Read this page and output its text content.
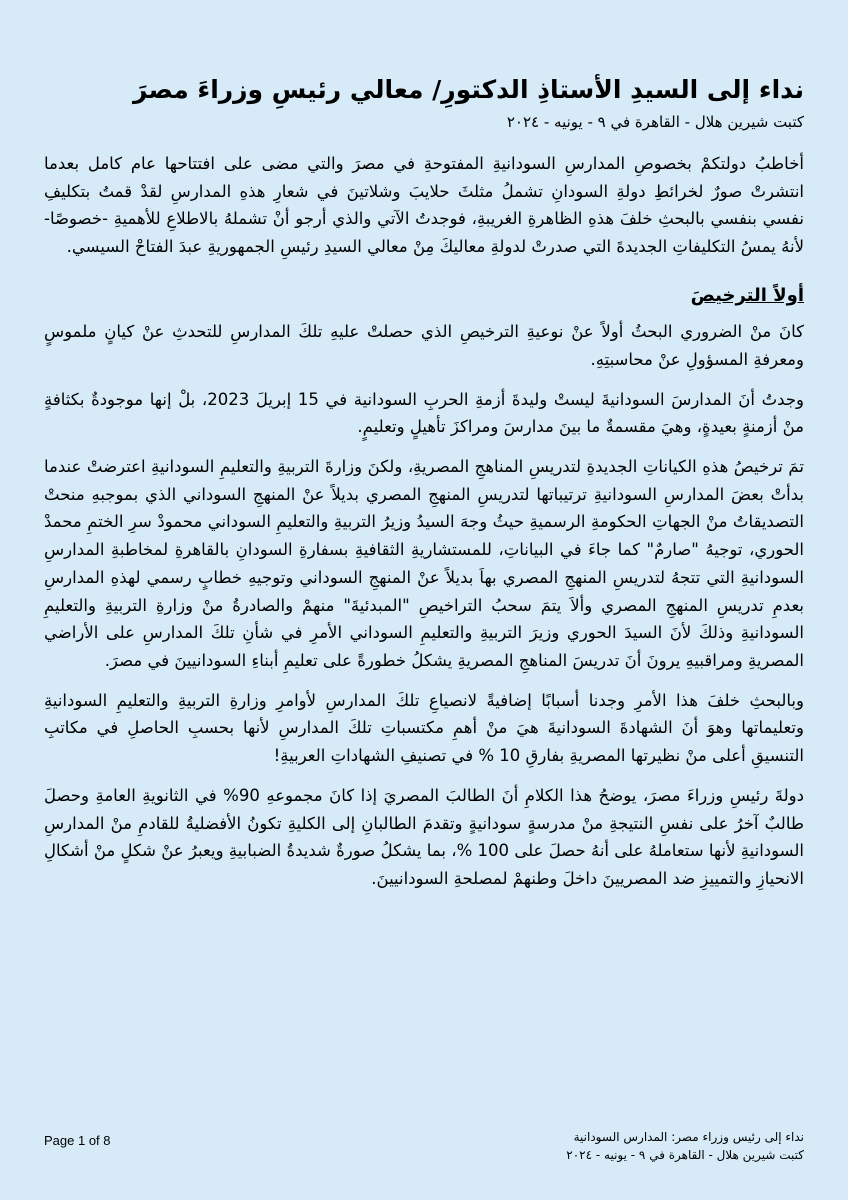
نداء إلى السيدِ الأستاذِ الدكتورِ/ معالي رئيسِ وزراءَ مصرَ

كتبت شيرين هلال - القاهرة في ٩ - يونيه - ٢٠٢٤

أخاطبُ دولتكمْ بخصوصِ المدارسِ السودانيةِ المفتوحةِ في مصرَ والتي مضى على افتتاحها عام كامل بعدما انتشرتْ صورٌ لخرائطِ دولةِ السودانِ تشملُ مثلثَ حلايبَ وشلاتينَ في شعارِ هذهِ المدارسِ لقدْ قمتُ بتكليفِ نفسي بنفسي بالبحثِ خلفَ هذهِ الظاهرةِ الغريبةِ، فوجدتُ الآتي والذي أرجو أنْ تشملهُ بالاطلاعِ للأهميةِ -خصوصًا- لأنهُ يمسُ التكليفاتِ الجديدةَ التي صدرتْ لدولةِ معاليكَ مِنْ معالي السيدِ رئيسِ الجمهوريةِ عبدَ الفتاحْ السيسي.

أولاً الترخيصَ

كانَ منْ الضروري البحثُ أولاً عنْ نوعيةِ الترخيصِ الذي حصلتْ عليهِ تلكَ المدارسِ للتحدثِ عنْ كيانٍ ملموسٍ ومعرفةِ المسؤولِ عنْ محاسبتِهِ.

وجدتُ أنَ المدارسَ السودانيةَ ليستْ وليدةَ أزمةِ الحربِ السودانية في 15 إبريلَ 2023، بلْ إنها موجودةٌ بكثافةٍ منْ أزمنةٍ بعيدةٍ، وهيَ مقسمةٌ ما بينَ مدارسَ ومراكزَ تأهيلٍ وتعليمٍ.

تمَ ترخيصُ هذهِ الكياناتِ الجديدةِ لتدريسِ المناهجِ المصريةِ، ولكنَ وزارةَ التربيةِ والتعليمِ السودانيةِ اعترضتْ عندما بدأتْ بعضَ المدارسِ السودانيةِ ترتيباتها لتدريسِ المنهجِ المصري بديلاً عنْ المنهجِ السوداني الذي بموجبهِ منحتْ التصديقاتُ منْ الجهاتِ الحكومةِ الرسميةِ حيثُ وجهَ السيدُ وزيرُ التربيةِ والتعليمِ السوداني محمودْ سرِ الختمِ محمدْ الحوري، توجيهُ "صارمٌ" كما جاءَ في البياناتِ، للمستشاريةِ الثقافيةِ بسفارةِ السودانِ بالقاهرةِ لمخاطبةِ المدارسِ السودانيةِ التي تتجهُ لتدريسِ المنهجِ المصري بهاَ بديلاً عنْ المنهجِ السوداني وتوجيهِ خطابٍ رسمي لهذهِ المدارسِ بعدمِ تدريسِ المنهجِ المصري وألاَ يتمَ سحبُ التراخيصِ "المبدئيةَ" منهمْ والصادرةُ منْ وزارةِ التربيةِ والتعليمِ السودانيةِ وذلكَ لأنَ السيدَ الحوري وزيرَ التربيةِ والتعليمِ السوداني الأمرِ في شأنِ تلكَ المدارسِ على الأراضي المصريةِ ومراقبيهِ يرونَ أنَ تدريسَ المناهجِ المصريةِ يشكلُ خطورةً على تعليمِ أبناءِ السودانيينَ في مصرَ.

وبالبحثِ خلفَ هذا الأمرِ وجدنا أسبابًا إضافيةً لانصياعِ تلكَ المدارسِ لأوامرِ وزارةِ التربيةِ والتعليمِ السودانيةِ وتعليماتها وهوَ أنَ الشهادةَ السودانيةَ هيَ منْ أهمِ مكتسباتِ تلكَ المدارسِ لأنها بحسبِ الحاصلِ في مكاتبِ التنسيقِ أعلى منْ نظيرتها المصريةِ بفارقِ 10 % في تصنيفِ الشهاداتِ العربيةِ!

دولةَ رئيسِ وزراءَ مصرَ، يوضحُ هذا الكلامِ أنَ الطالبَ المصريَ إذا كانَ مجموعهِ 90% في الثانويةِ العامةِ وحصلَ طالبٌ آخرُ على نفسِ النتيجةِ منْ مدرسةٍ سودانيةٍ وتقدمَ الطالبانِ إلى الكليةِ تكونُ الأفضليةُ للقادمِ منْ المدارسِ السودانيةِ لأنها ستعاملهُ على أنهُ حصلَ على 100 %، بما يشكلُ صورةٌ شديدةُ الضبابيةِ ويعبرُ عنْ شكلٍ منْ أشكالِ الانحيازِ والتمييزِ ضد المصريينَ داخلَ وطنهمْ لمصلحةِ السودانيينَ.

نداء إلى رئيس وزراء مصر: المدارس السودانية
كتبت شيرين هلال - القاهرة في ٩ - يونيه - ٢٠٢٤
Page 1 of 8
